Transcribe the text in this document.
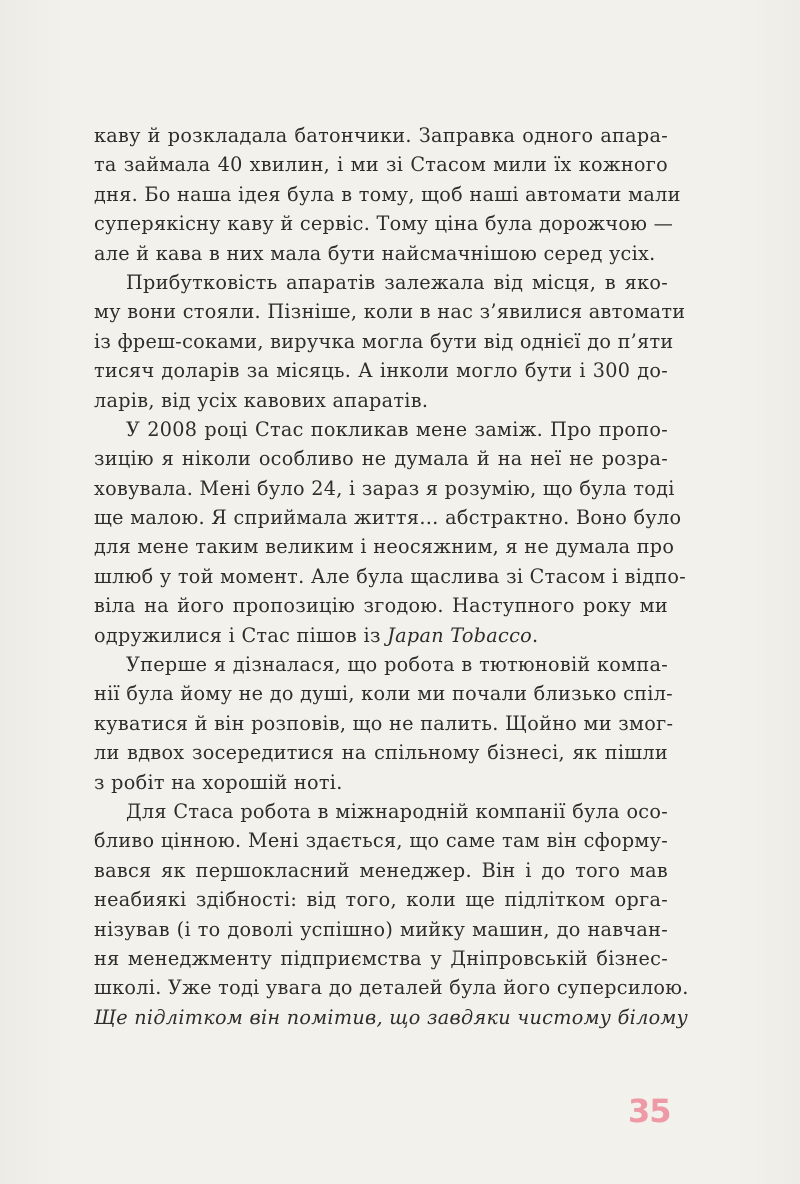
каву й розкладала батончики. Заправка одного апара-
та займала 40 хвилин, і ми зі Стасом мили їх кожного
дня. Бо наша ідея була в тому, щоб наші автомати мали
суперякісну каву й сервіс. Тому ціна була дорожчою —
але й кава в них мала бути найсмачнішою серед усіх.
Прибутковість апаратів залежала від місця, в яко-
му вони стояли. Пізніше, коли в нас з’явилися автомати
із фреш-соками, виручка могла бути від однієї до п’яти
тисяч доларів за місяць. А інколи могло бути і 300 до-
ларів, від усіх кавових апаратів.
У 2008 році Стас покликав мене заміж. Про пропо-
зицію я ніколи особливо не думала й на неї не розра-
ховувала. Мені було 24, і зараз я розумію, що була тоді
ще малою. Я сприймала життя… абстрактно. Воно було
для мене таким великим і неосяжним, я не думала про
шлюб у той момент. Але була щаслива зі Стасом і відпо-
віла на його пропозицію згодою. Наступного року ми
одружилися і Стас пішов із Japan Tobacco.
Уперше я дізналася, що робота в тютюновій компа-
нії була йому не до душі, коли ми почали близько спіл-
куватися й він розповів, що не палить. Щойно ми змог-
ли вдвох зосередитися на спільному бізнесі, як пішли
з робіт на хорошій ноті.
Для Стаса робота в міжнародній компанії була осо-
бливо цінною. Мені здається, що саме там він сформу-
вався як першокласний менеджер. Він і до того мав
неабиякі здібності: від того, коли ще підлітком орга-
нізував (і то доволі успішно) мийку машин, до навчан-
ня менеджменту підприємства у Дніпровській бізнес-
школі. Уже тоді увага до деталей була його суперсилою.
Ще підлітком він помітив, що завдяки чистому білому
35
